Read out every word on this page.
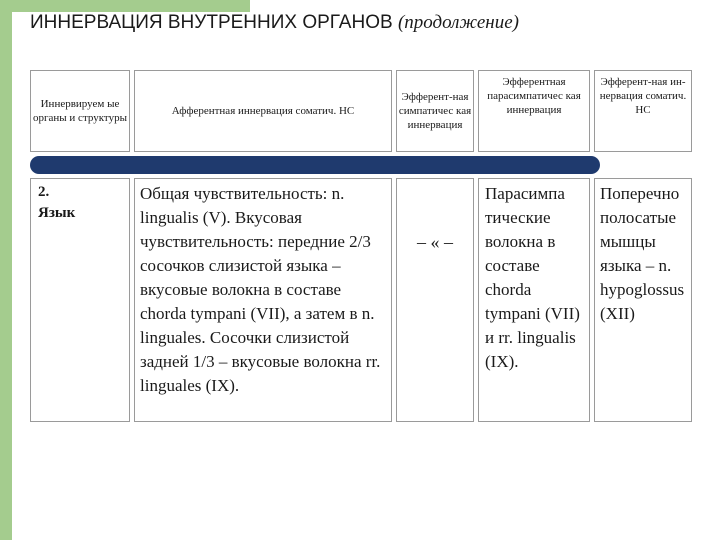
ИННЕРВАЦИЯ ВНУТРЕННИХ ОРГАНОВ (продолжение)
Иннервируем ые органы и структуры
Афферентная иннервация соматич. НС
Эфферент-ная симпатичес кая иннервация
Эфферентная парасимпатичес кая иннервация
Эфферент-ная ин-нервация соматич. НС
2.
Язык
Общая чувствительность: n. lingualis (V). Вкусовая чувствительность: передние 2/3 сосочков слизистой языка – вкусовые волокна в составе chorda tympani (VII), а затем в n. linguales. Сосочки слизистой задней 1/3 – вкусовые волокна rr. linguales (IX).
– « –
Парасимпа тические волокна в составе chorda tympani (VII) и rr. lingualis (IX).
Поперечно полосатые мышцы языка – n. hypoglossus (XII)
17
